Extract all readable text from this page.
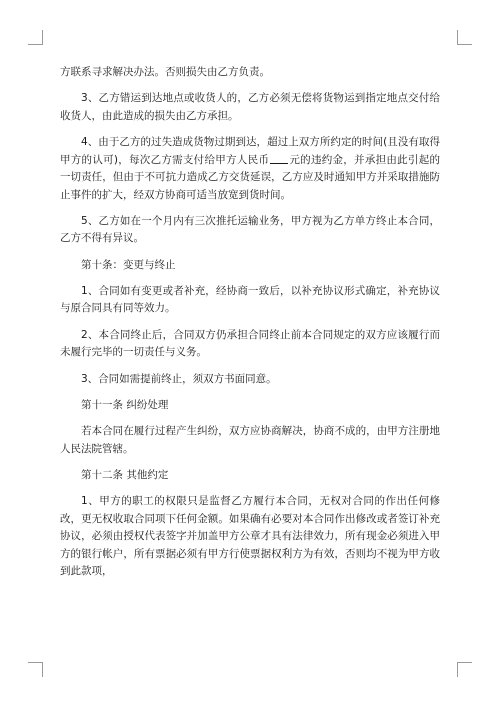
方联系寻求解决办法。否则损失由乙方负责。

3、乙方错运到达地点或收货人的，乙方必须无偿将货物运到指定地点交付给收货人，由此造成的损失由乙方承担。

4、由于乙方的过失造成货物过期到达，超过上双方所约定的时间(且没有取得甲方的认可)，每次乙方需支付给甲方人民币 元的违约金，并承担由此引起的一切责任，但由于不可抗力造成乙方交货延误，乙方应及时通知甲方并采取措施防止事件的扩大，经双方协商可适当放宽到货时间。

5、乙方如在一个月内有三次推托运输业务，甲方视为乙方单方终止本合同，乙方不得有异议。

第十条：变更与终止

1、合同如有变更或者补充，经协商一致后，以补充协议形式确定，补充协议与原合同具有同等效力。

2、本合同终止后，合同双方仍承担合同终止前本合同规定的双方应该履行而未履行完毕的一切责任与义务。

3、合同如需提前终止，须双方书面同意。

第十一条 纠纷处理

若本合同在履行过程产生纠纷，双方应协商解决，协商不成的，由甲方注册地人民法院管辖。

第十二条 其他约定

1、甲方的职工的权限只是监督乙方履行本合同，无权对合同的作出任何修改，更无权收取合同项下任何金额。如果确有必要对本合同作出修改或者签订补充协议，必须由授权代表签字并加盖甲方公章才具有法律效力，所有现金必须进入甲方的银行帐户，所有票据必须有甲方行使票据权利方为有效，否则均不视为甲方收到此款项，
